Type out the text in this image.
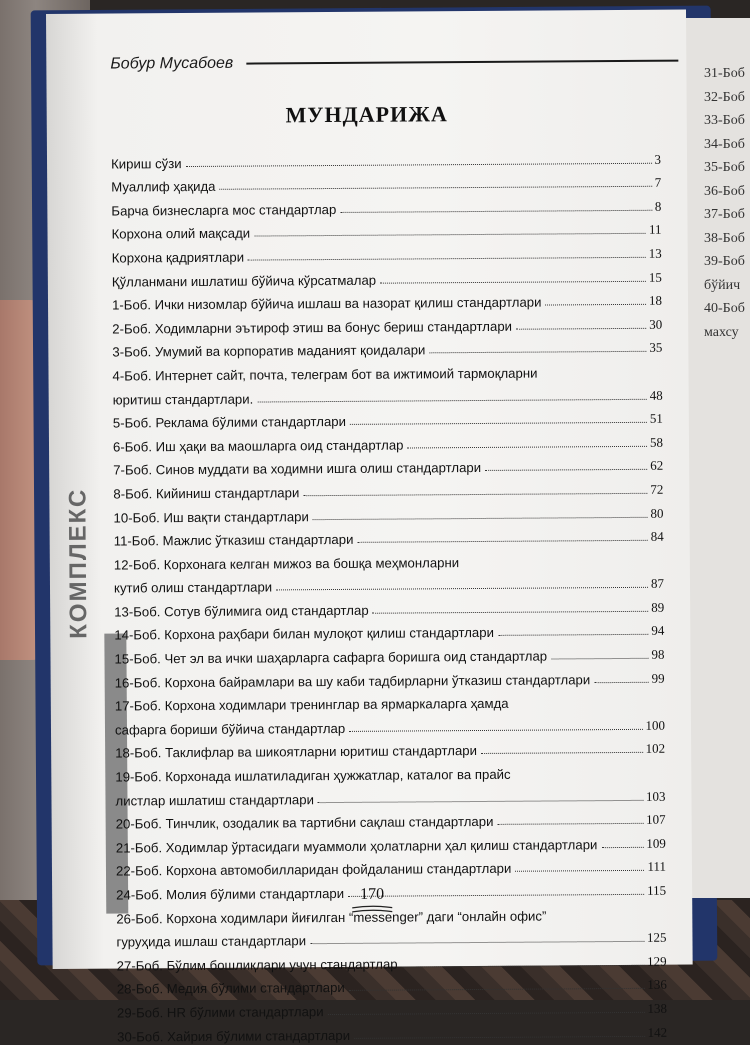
31-Боб
32-Боб
33-Боб
34-Боб
35-Боб
36-Боб
37-Боб
38-Боб
39-Боб
бўйич
40-Боб
махсу
Бобур Мусабоев
МУНДАРИЖА
КОМПЛЕКС
Кириш сўзи	3
Муаллиф ҳақида	7
Барча бизнесларга мос стандартлар	8
Корхона олий мақсади	11
Корхона қадриятлари	13
Қўлланмани ишлатиш бўйича кўрсатмалар	15
1-Боб. Ички низомлар бўйича ишлаш ва назорат қилиш стандартлари	18
2-Боб. Ходимларни эътироф этиш ва бонус бериш стандартлари	30
3-Боб. Умумий ва корпоратив маданият қоидалари	35
4-Боб. Интернет сайт, почта, телеграм бот ва ижтимоий тармоқларни
юритиш стандартлари.	48
5-Боб. Реклама бўлими стандартлари	51
6-Боб. Иш ҳақи ва маошларга оид стандартлар	58
7-Боб. Синов муддати ва ходимни ишга олиш стандартлари	62
8-Боб. Кийиниш стандартлари	72
10-Боб. Иш вақти стандартлари	80
11-Боб. Мажлис ўтказиш стандартлари	84
12-Боб. Корхонага келган мижоз ва бошқа меҳмонларни
кутиб олиш стандартлари	87
13-Боб. Сотув бўлимига оид стандартлар	89
14-Боб. Корхона раҳбари билан мулоқот қилиш стандартлари	94
15-Боб. Чет эл ва ички шаҳарларга сафарга боришга оид стандартлар	98
16-Боб. Корхона байрамлари ва шу каби тадбирларни ўтказиш стандартлари	99
17-Боб. Корхона ходимлари тренинглар ва ярмаркаларга ҳамда
сафарга бориши бўйича стандартлар	100
18-Боб. Таклифлар ва шикоятларни юритиш стандартлари	102
19-Боб. Корхонада ишлатиладиган ҳужжатлар, каталог ва прайс
листлар ишлатиш стандартлари	103
20-Боб. Тинчлик, озодалик ва тартибни сақлаш стандартлари	107
21-Боб. Ходимлар ўртасидаги муаммоли ҳолатларни ҳал қилиш стандартлари	109
22-Боб. Корхона автомобилларидан фойдаланиш стандартлари	111
24-Боб. Молия бўлими стандартлари	115
26-Боб. Корхона ходимлари йиғилган “messenger” даги “онлайн офис”
гуруҳида ишлаш стандартлари	125
27-Боб. Бўлим бошлиқлари учун стандартлар	129
28-Боб. Медия бўлими стандартлари	136
29-Боб. HR бўлими стандартлари	138
30-Боб. Хайрия бўлими стандартлари	142
170
